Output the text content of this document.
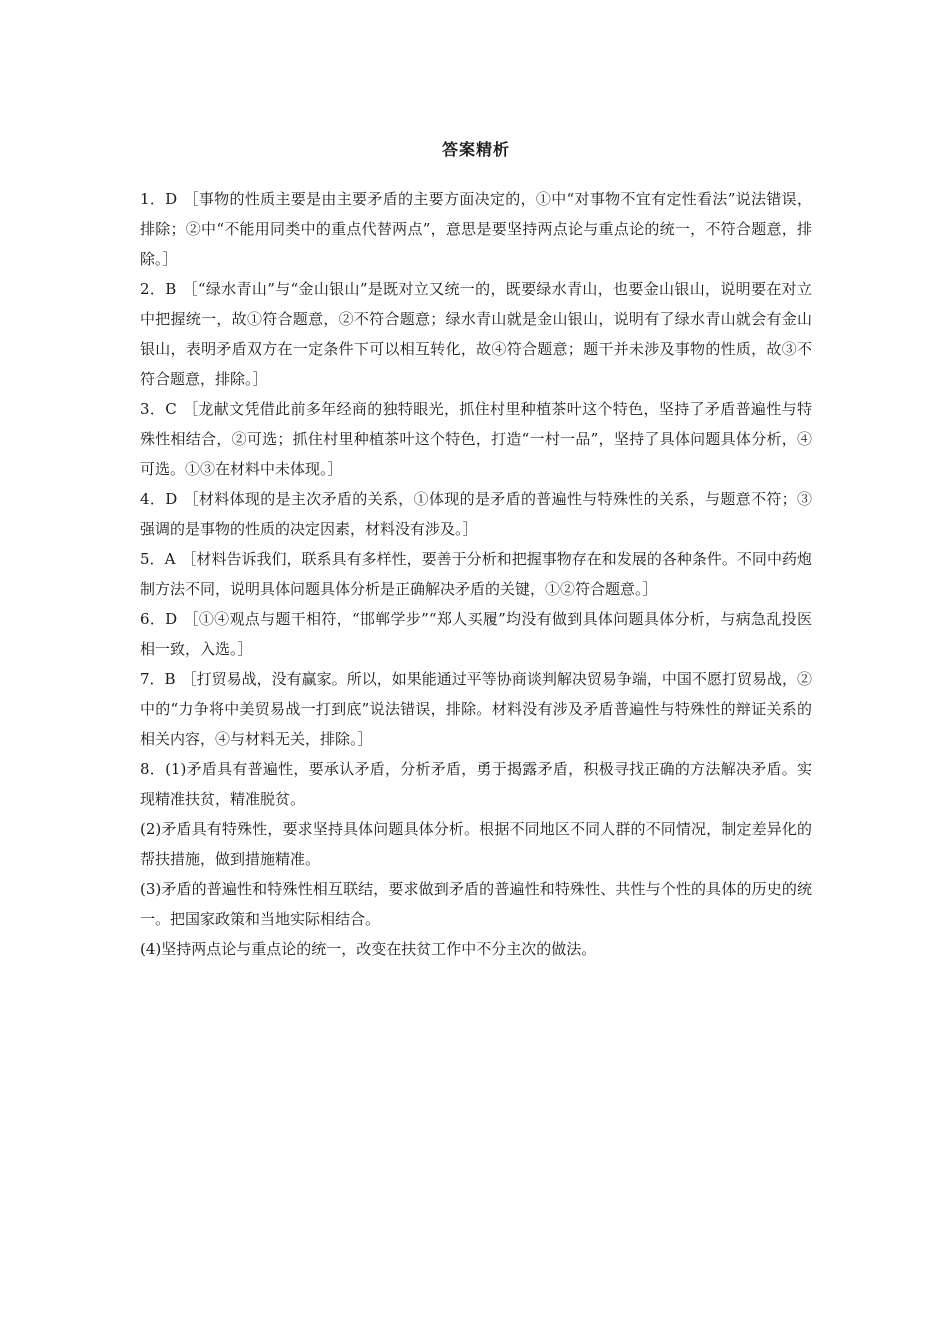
答案精析

1．D ［事物的性质主要是由主要矛盾的主要方面决定的，①中“对事物不宜有定性看法”说法错误，排除；②中“不能用同类中的重点代替两点”，意思是要坚持两点论与重点论的统一，不符合题意，排除。］

2．B ［“绿水青山”与“金山银山”是既对立又统一的，既要绿水青山，也要金山银山，说明要在对立中把握统一，故①符合题意，②不符合题意；绿水青山就是金山银山，说明有了绿水青山就会有金山银山，表明矛盾双方在一定条件下可以相互转化，故④符合题意；题干并未涉及事物的性质，故③不符合题意，排除。］

3．C ［龙献文凭借此前多年经商的独特眼光，抓住村里种植茶叶这个特色，坚持了矛盾普遍性与特殊性相结合，②可选；抓住村里种植茶叶这个特色，打造“一村一品”，坚持了具体问题具体分析，④可选。①③在材料中未体现。］

4．D ［材料体现的是主次矛盾的关系，①体现的是矛盾的普遍性与特殊性的关系，与题意不符；③强调的是事物的性质的决定因素，材料没有涉及。］

5．A ［材料告诉我们，联系具有多样性，要善于分析和把握事物存在和发展的各种条件。不同中药炮制方法不同，说明具体问题具体分析是正确解决矛盾的关键，①②符合题意。］

6．D ［①④观点与题干相符，“邯郸学步”“郑人买履”均没有做到具体问题具体分析，与病急乱投医相一致，入选。］

7．B ［打贸易战，没有赢家。所以，如果能通过平等协商谈判解决贸易争端，中国不愿打贸易战，②中的“力争将中美贸易战一打到底”说法错误，排除。材料没有涉及矛盾普遍性与特殊性的辩证关系的相关内容，④与材料无关，排除。］

8．(1)矛盾具有普遍性，要承认矛盾，分析矛盾，勇于揭露矛盾，积极寻找正确的方法解决矛盾。实现精准扶贫，精准脱贫。

(2)矛盾具有特殊性，要求坚持具体问题具体分析。根据不同地区不同人群的不同情况，制定差异化的帮扶措施，做到措施精准。

(3)矛盾的普遍性和特殊性相互联结，要求做到矛盾的普遍性和特殊性、共性与个性的具体的历史的统一。把国家政策和当地实际相结合。

(4)坚持两点论与重点论的统一，改变在扶贫工作中不分主次的做法。
